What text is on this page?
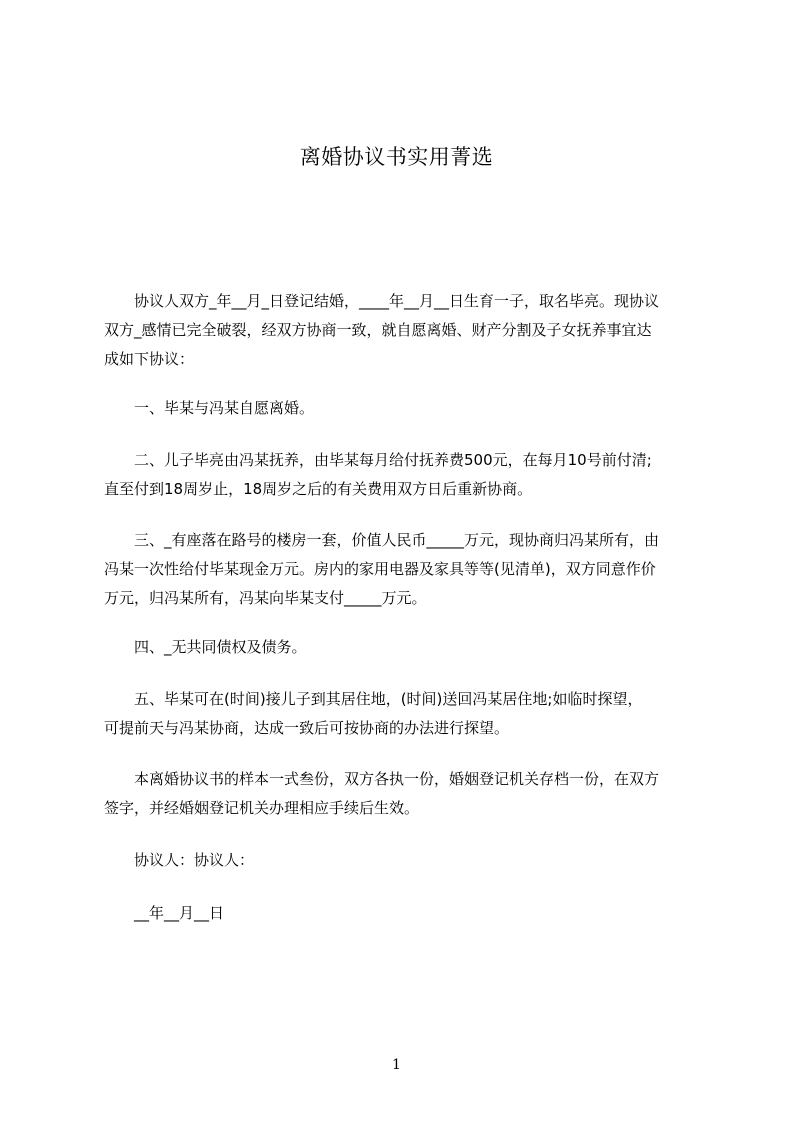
离婚协议书实用菁选

　　协议人双方_年__月_日登记结婚，____年__月__日生育一子，取名毕亮。现协议
双方_感情已完全破裂，经双方协商一致，就自愿离婚、财产分割及子女抚养事宜达
成如下协议：

　　一、毕某与冯某自愿离婚。

　　二、儿子毕亮由冯某抚养，由毕某每月给付抚养费500元，在每月10号前付清;
直至付到18周岁止，18周岁之后的有关费用双方日后重新协商。

　　三、_有座落在路号的楼房一套，价值人民币_____万元，现协商归冯某所有，由
冯某一次性给付毕某现金万元。房内的家用电器及家具等等(见清单)，双方同意作价
万元，归冯某所有，冯某向毕某支付_____万元。

　　四、_无共同债权及债务。

　　五、毕某可在(时间)接儿子到其居住地，(时间)送回冯某居住地;如临时探望，
可提前天与冯某协商，达成一致后可按协商的办法进行探望。

　　本离婚协议书的样本一式叁份，双方各执一份，婚姻登记机关存档一份，在双方
签字，并经婚姻登记机关办理相应手续后生效。

　　协议人：协议人：

　　__年__月__日

1
